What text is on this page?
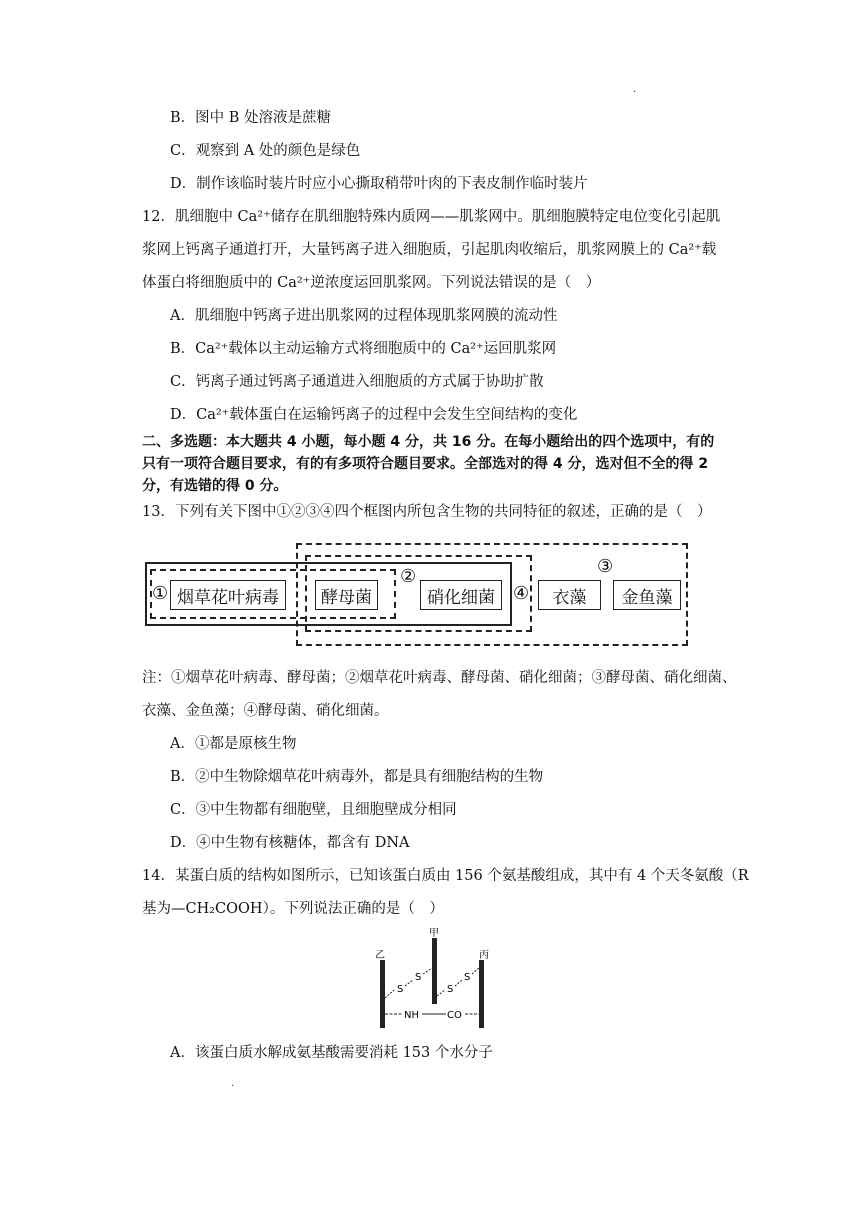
.
B．图中 B 处溶液是蔗糖
C．观察到 A 处的颜色是绿色
D．制作该临时装片时应小心撕取稍带叶肉的下表皮制作临时装片
12．肌细胞中 Ca²⁺储存在肌细胞特殊内质网——肌浆网中。肌细胞膜特定电位变化引起肌
浆网上钙离子通道打开，大量钙离子进入细胞质，引起肌肉收缩后，肌浆网膜上的 Ca²⁺载
体蛋白将细胞质中的 Ca²⁺逆浓度运回肌浆网。下列说法错误的是（　）
A．肌细胞中钙离子进出肌浆网的过程体现肌浆网膜的流动性
B．Ca²⁺载体以主动运输方式将细胞质中的 Ca²⁺运回肌浆网
C．钙离子通过钙离子通道进入细胞质的方式属于协助扩散
D．Ca²⁺载体蛋白在运输钙离子的过程中会发生空间结构的变化
二、多选题：本大题共 4 小题，每小题 4 分，共 16 分。在每小题给出的四个选项中，有的
只有一项符合题目要求，有的有多项符合题目要求。全部选对的得 4 分，选对但不全的得 2
分，有选错的得 0 分。
13．下列有关下图中①②③④四个框图内所包含生物的共同特征的叙述，正确的是（　）
①
②	③
④
烟草花叶病毒	酵母菌	硝化细菌	衣藻	金鱼藻
注：①烟草花叶病毒、酵母菌；②烟草花叶病毒、酵母菌、硝化细菌；③酵母菌、硝化细菌、
衣藻、金鱼藻；④酵母菌、硝化细菌。
A．①都是原核生物
B．②中生物除烟草花叶病毒外，都是具有细胞结构的生物
C．③中生物都有细胞壁，且细胞壁成分相同
D．④中生物有核糖体，都含有 DNA
14．某蛋白质的结构如图所示，已知该蛋白质由 156 个氨基酸组成，其中有 4 个天冬氨酸（R
基为—CH₂COOH）。下列说法正确的是（　）
甲
乙	丙
S
S
S
S
NH	CO
A．该蛋白质水解成氨基酸需要消耗 153 个水分子
.
